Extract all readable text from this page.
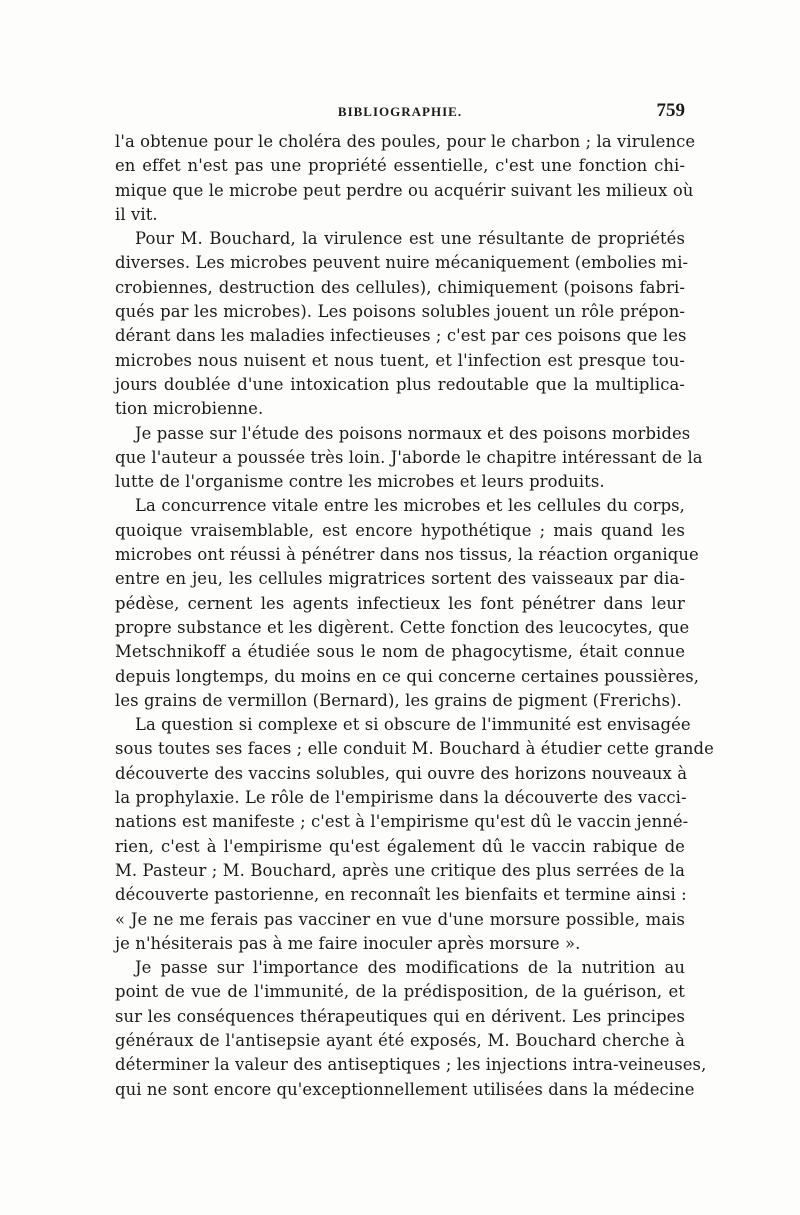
BIBLIOGRAPHIE.	759
l'a obtenue pour le choléra des poules, pour le charbon ; la virulence
en effet n'est pas une propriété essentielle, c'est une fonction chi-
mique que le microbe peut perdre ou acquérir suivant les milieux où
il vit.
Pour M. Bouchard, la virulence est une résultante de propriétés
diverses. Les microbes peuvent nuire mécaniquement (embolies mi-
crobiennes, destruction des cellules), chimiquement (poisons fabri-
qués par les microbes). Les poisons solubles jouent un rôle prépon-
dérant dans les maladies infectieuses ; c'est par ces poisons que les
microbes nous nuisent et nous tuent, et l'infection est presque tou-
jours doublée d'une intoxication plus redoutable que la multiplica-
tion microbienne.
Je passe sur l'étude des poisons normaux et des poisons morbides
que l'auteur a poussée très loin. J'aborde le chapitre intéressant de la
lutte de l'organisme contre les microbes et leurs produits.
La concurrence vitale entre les microbes et les cellules du corps,
quoique vraisemblable, est encore hypothétique ; mais quand les
microbes ont réussi à pénétrer dans nos tissus, la réaction organique
entre en jeu, les cellules migratrices sortent des vaisseaux par dia-
pédèse, cernent les agents infectieux les font pénétrer dans leur
propre substance et les digèrent. Cette fonction des leucocytes, que
Metschnikoff a étudiée sous le nom de phagocytisme, était connue
depuis longtemps, du moins en ce qui concerne certaines poussières,
les grains de vermillon (Bernard), les grains de pigment (Frerichs).
La question si complexe et si obscure de l'immunité est envisagée
sous toutes ses faces ; elle conduit M. Bouchard à étudier cette grande
découverte des vaccins solubles, qui ouvre des horizons nouveaux à
la prophylaxie. Le rôle de l'empirisme dans la découverte des vacci-
nations est manifeste ; c'est à l'empirisme qu'est dû le vaccin jenné-
rien, c'est à l'empirisme qu'est également dû le vaccin rabique de
M. Pasteur ; M. Bouchard, après une critique des plus serrées de la
découverte pastorienne, en reconnaît les bienfaits et termine ainsi :
« Je ne me ferais pas vacciner en vue d'une morsure possible, mais
je n'hésiterais pas à me faire inoculer après morsure ».
Je passe sur l'importance des modifications de la nutrition au
point de vue de l'immunité, de la prédisposition, de la guérison, et
sur les conséquences thérapeutiques qui en dérivent. Les principes
généraux de l'antisepsie ayant été exposés, M. Bouchard cherche à
déterminer la valeur des antiseptiques ; les injections intra-veineuses,
qui ne sont encore qu'exceptionnellement utilisées dans la médecine
